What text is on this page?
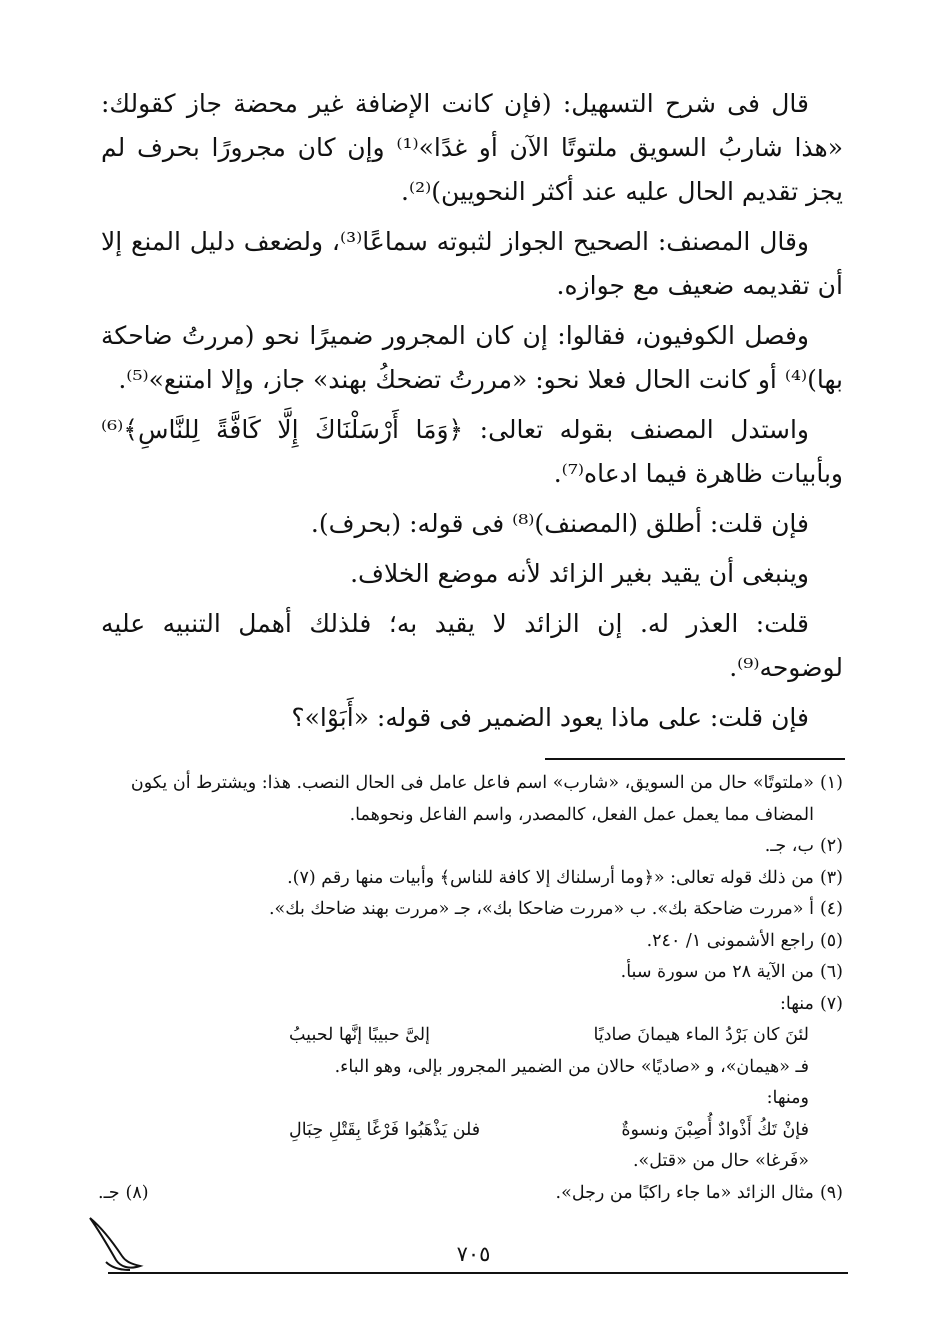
قال فى شرح التسهيل: (فإن كانت الإضافة غير محضة جاز كقولك: «هذا شاربُ السويق ملتوتًا الآن أو غدًا»⁽¹⁾ وإن كان مجرورًا بحرف لم يجز تقديم الحال عليه عند أكثر النحويين)⁽²⁾.

وقال المصنف: الصحيح الجواز لثبوته سماعًا⁽³⁾، ولضعف دليل المنع إلا أن تقديمه ضعيف مع جوازه.

وفصل الكوفيون، فقالوا: إن كان المجرور ضميرًا نحو (مررتُ ضاحكة بها)⁽⁴⁾ أو كانت الحال فعلا نحو: «مررتُ تضحكُ بهند» جاز، وإلا امتنع»⁽⁵⁾.

واستدل المصنف بقوله تعالى: ﴿وَمَا أَرْسَلْنَاكَ إِلَّا كَافَّةً لِلنَّاسِ﴾⁽⁶⁾ وبأبيات ظاهرة فيما ادعاه⁽⁷⁾.

فإن قلت: أطلق (المصنف)⁽⁸⁾ فى قوله: (بحرف).

وينبغى أن يقيد بغير الزائد لأنه موضع الخلاف.

قلت: العذر له. إن الزائد لا يقيد به؛ فلذلك أهمل التنبيه عليه لوضوحه⁽⁹⁾.

فإن قلت: على ماذا يعود الضمير فى قوله: «أَبَوْا»؟

(١)
«ملتوتًا» حال من السويق، «شارب» اسم فاعل عامل فى الحال النصب. هذا: ويشترط أن يكون المضاف مما يعمل عمل الفعل، كالمصدر، واسم الفاعل ونحوهما.
(٢)
ب، جـ.
(٣)
من ذلك قوله تعالى: «﴿وما أرسلناك إلا كافة للناس﴾ وأبيات منها رقم (٧).
(٤)
أ «مررت ضاحكة بك». ب «مررت ضاحكا بك»، جـ «مررت بهند ضاحك بك».
(٥)
راجع الأشمونى ١/ ٢٤٠.
(٦)
من الآية ٢٨ من سورة سبأ.
(٧)
منها:
لئنَ كان بَرْدُ الماء هيمانَ صاديًا
إلىَّ حبيبًا إنَّها لحبيبُ
فـ «هيمان»، و «صاديًا» حالان من الضمير المجرور بإلى، وهو الباء.
ومنها:
فإنْ تَكُ أَذْوادٌ أُصِبْنَ ونسوةٌ
فلن يَذْهَبُوا فَرْغًا بِقَتْلِ حِبَالِ
«فَرغا» حال من «قتل».
(٩)
مثال الزائد «ما جاء راكبًا من رجل».
(٨)
جـ.
٧٠٥
